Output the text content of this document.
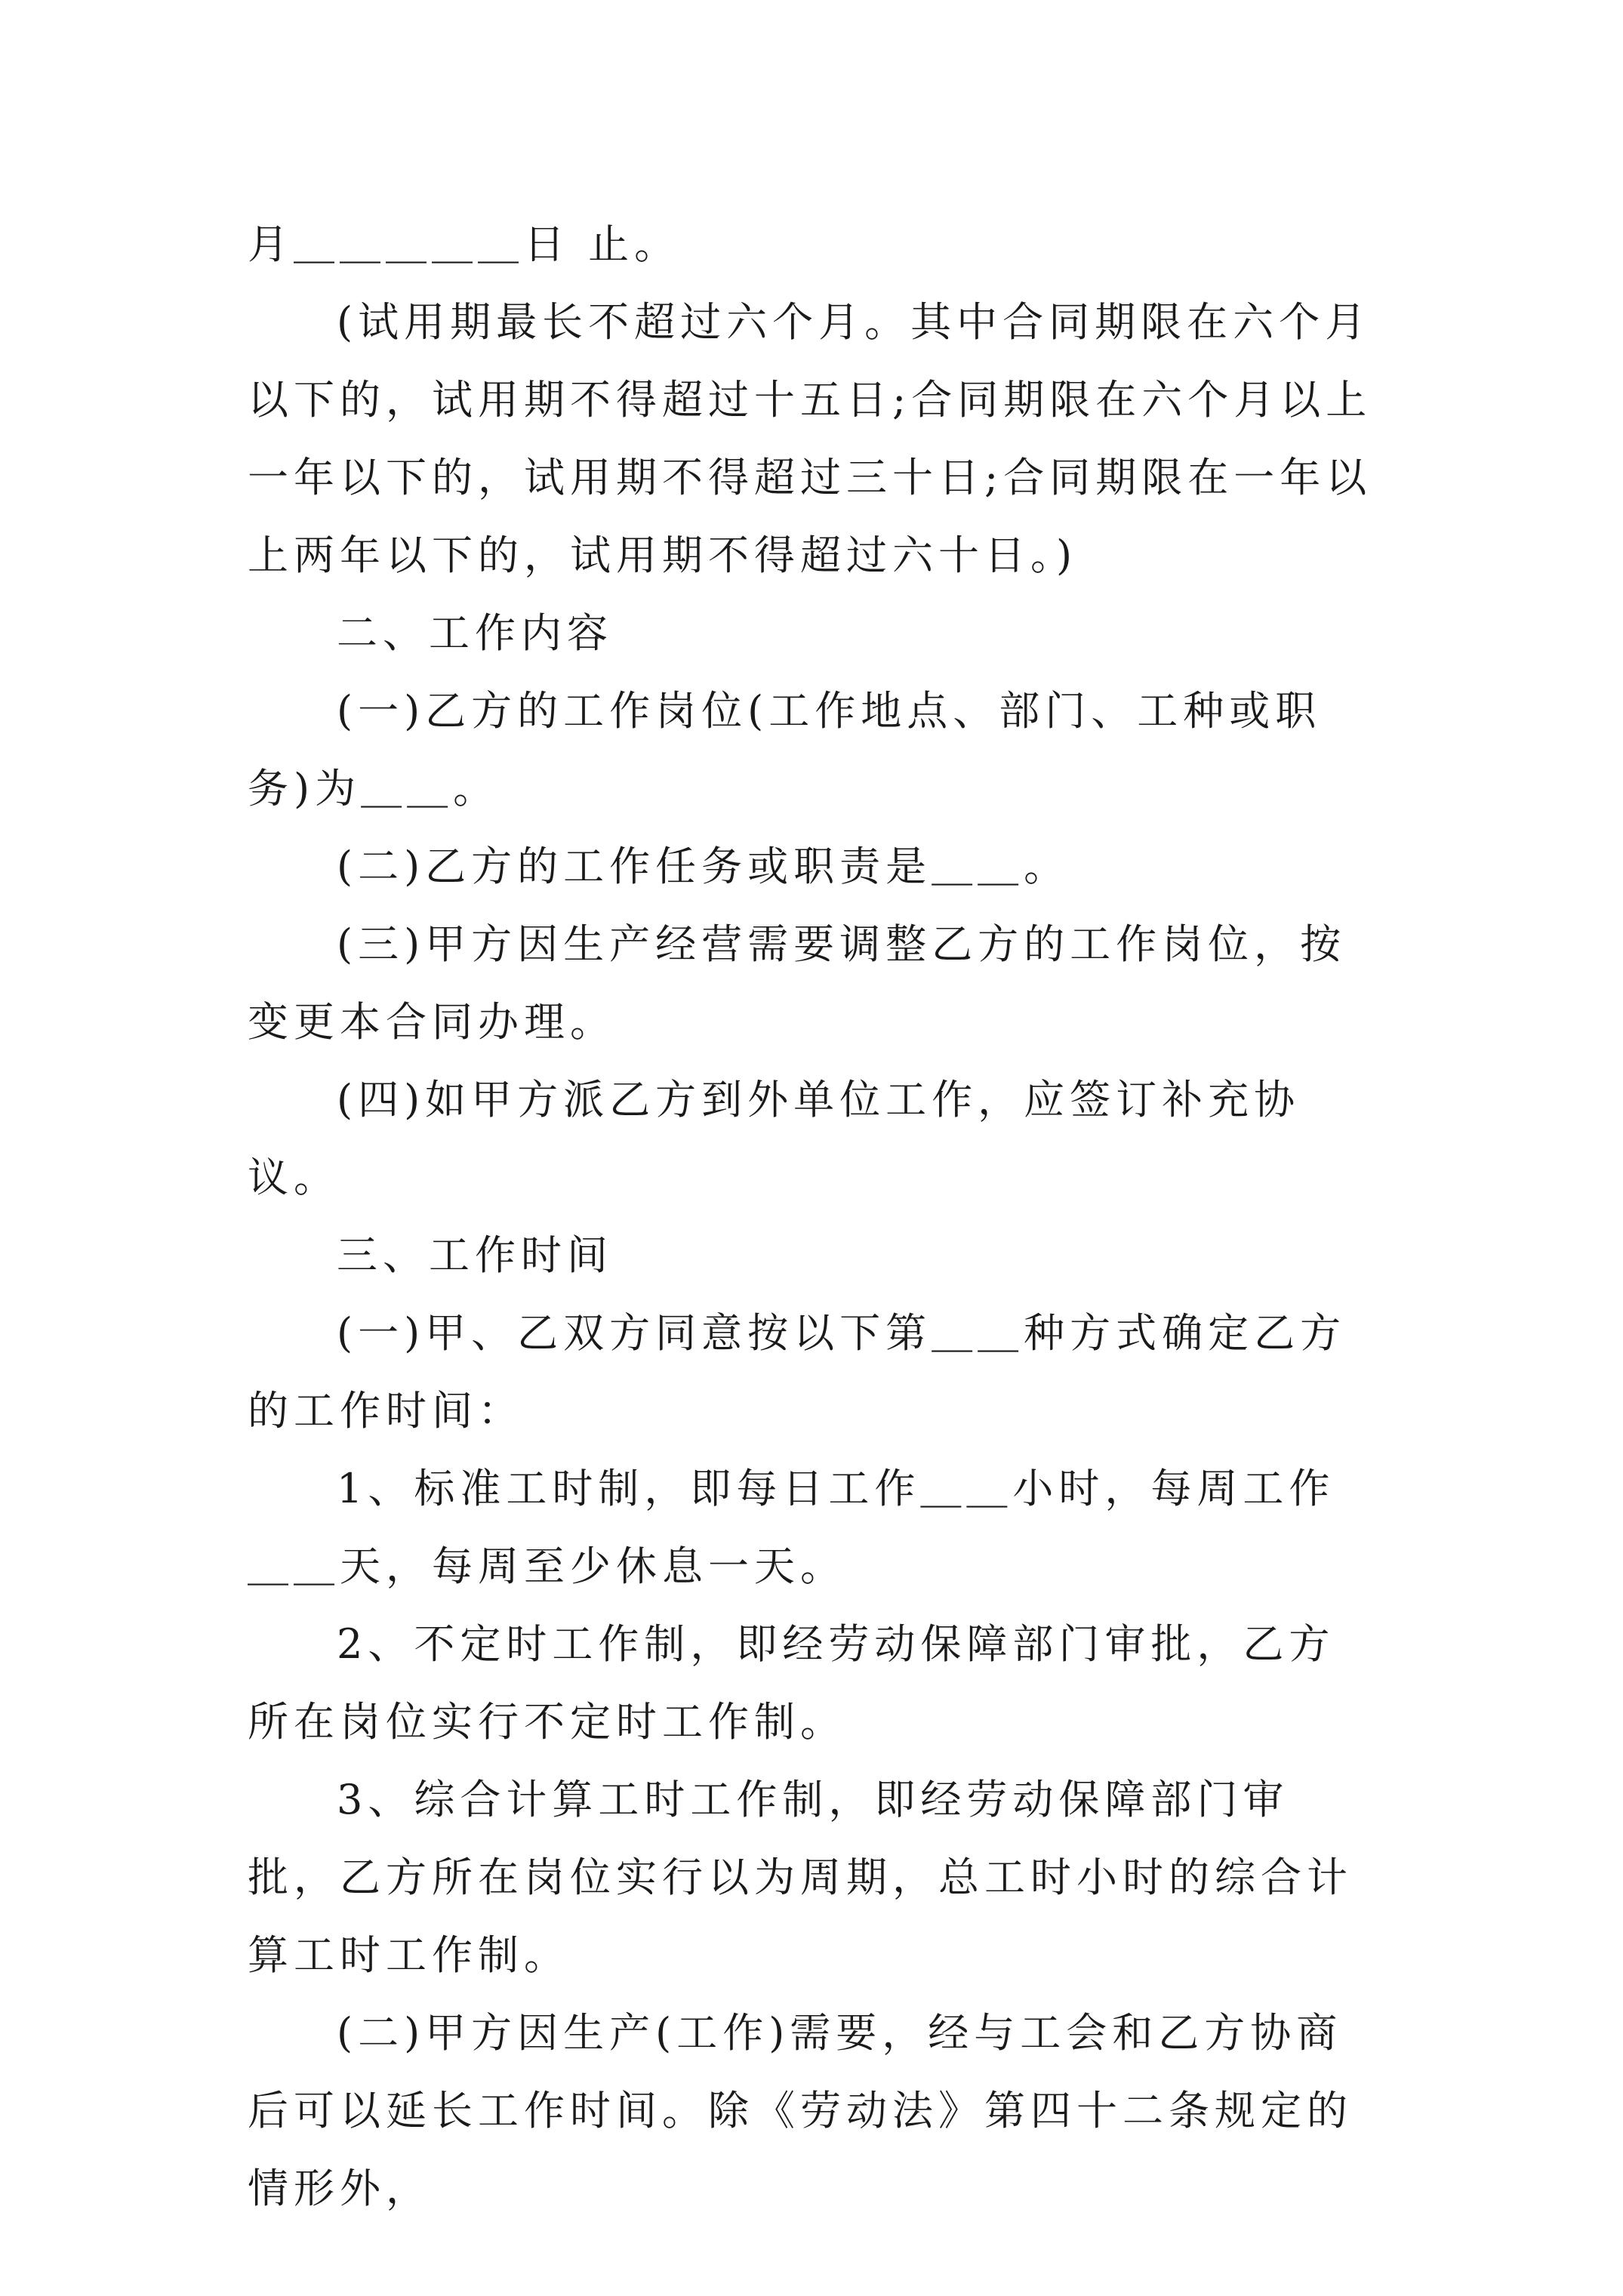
月＿＿＿＿＿日 止。

(试用期最长不超过六个月。其中合同期限在六个月以下的，试用期不得超过十五日;合同期限在六个月以上一年以下的，试用期不得超过三十日;合同期限在一年以上两年以下的，试用期不得超过六十日。)

二、工作内容

(一)乙方的工作岗位(工作地点、部门、工种或职务)为＿＿。

(二)乙方的工作任务或职责是＿＿。

(三)甲方因生产经营需要调整乙方的工作岗位，按变更本合同办理。

(四)如甲方派乙方到外单位工作，应签订补充协议。

三、工作时间

(一)甲、乙双方同意按以下第＿＿种方式确定乙方的工作时间：

1、标准工时制，即每日工作＿＿小时，每周工作＿＿天，每周至少休息一天。

2、不定时工作制，即经劳动保障部门审批，乙方所在岗位实行不定时工作制。

3、综合计算工时工作制，即经劳动保障部门审批，乙方所在岗位实行以为周期，总工时小时的综合计算工时工作制。

(二)甲方因生产(工作)需要，经与工会和乙方协商后可以延长工作时间。除《劳动法》第四十二条规定的情形外，
